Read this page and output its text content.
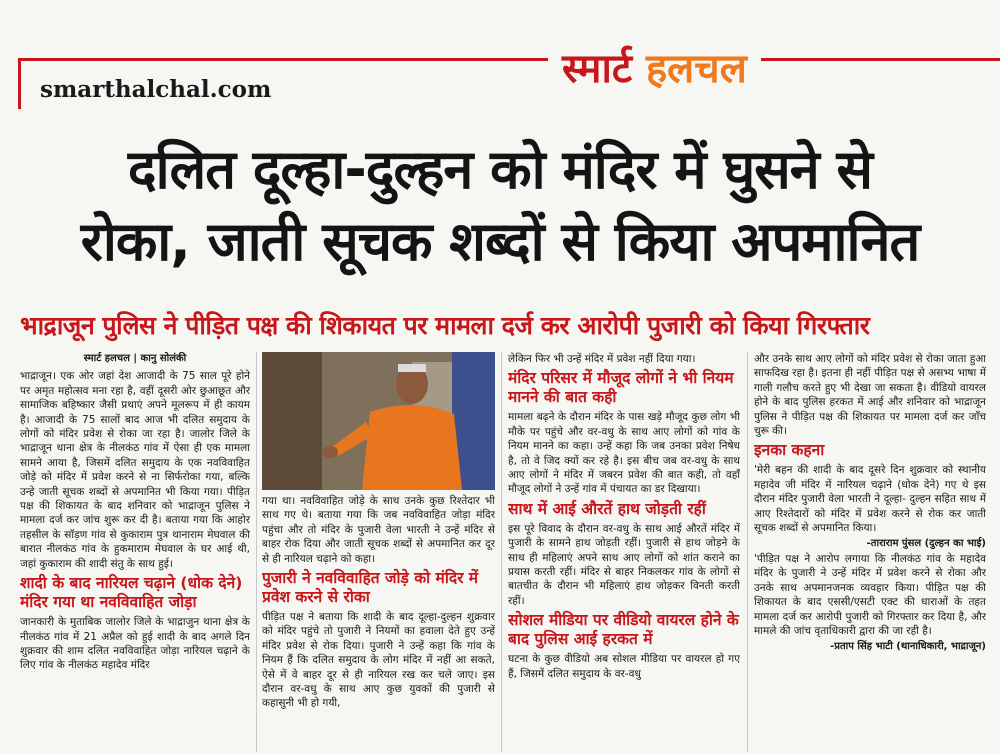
smarthalchal.com	स्मार्ट हलचल
दलित दूल्हा-दुल्हन को मंदिर में घुसने से
रोका, जाती सूचक शब्दों से किया अपमानित
भाद्राजून पुलिस ने पीड़ित पक्ष की शिकायत पर मामला दर्ज कर आरोपी पुजारी को किया गिरफ्तार
स्मार्ट हलचल | कानु सोलंकी

भाद्राजून। एक ओर जहां देश आजादी के 75 साल पूरे होने पर अमृत महोत्सव मना रहा है, वहीं दूसरी ओर छुआछूत और सामाजिक बहिष्कार जैसी प्रथाएं अपने मूलरूप में ही कायम है। आजादी के 75 सालों बाद आज भी दलित समुदाय के लोगों को मंदिर प्रवेश से रोका जा रहा है। जालोर जिले के भाद्राजून थाना क्षेत्र के नीलकंठ गांव में ऐसा ही एक मामला सामने आया है, जिसमें दलित समुदाय के एक नवविवाहित जोड़े को मंदिर में प्रवेश करने से ना सिर्फरोका गया, बल्कि उन्हे जाती सूचक शब्दों से अपमानित भी किया गया। पीड़ित पक्ष की शिकायत के बाद शनिवार को भाद्राजून पुलिस ने मामला दर्ज कर जांच शुरू कर दी है। बताया गया कि आहोर तहसील के सॉड़ण गांव से कुकाराम पुत्र थानाराम मेघवाल की बारात नीलकंठ गांव के हुकमाराम मेघवाल के घर आई थी, जहां कुकाराम की शादी संतु के साथ हुई।

शादी के बाद नारियल चढ़ाने (धोक देने) मंदिर गया था नवविवाहित जोड़ा

जानकारी के मुताबिक जालोर जिले के भाद्राजुन थाना क्षेत्र के नीलकंठ गांव में 21 अप्रैल को हुई शादी के बाद अगले दिन शुक्रवार की शाम दलित नवविवाहित जोड़ा नारियल चढ़ाने के लिए गांव के नीलकंठ महादेव मंदिर

गया था। नवविवाहित जोड़े के साथ उनके कुछ रिश्तेदार भी साथ गए थे। बताया गया कि जब नवविवाहित जोड़ा मंदिर पहुंचा और तो मंदिर के पुजारी वेला भारती ने उन्हें मंदिर से बाहर रोक दिया और जाती सूचक शब्दों से अपमानित कर दूर से ही नारियल चढ़ाने को कहा।

पुजारी ने नवविवाहित जोड़े को मंदिर में प्रवेश करने से रोका

पीड़ित पक्ष ने बताया कि शादी के बाद दूल्हा-दुल्हन शुक्रवार को मंदिर पहुंचे तो पुजारी ने नियमों का हवाला देते हुए उन्हें मंदिर प्रवेश से रोक दिया। पुजारी ने उन्हें कहा कि गांव के नियम हैं कि दलित समुदाय के लोग मंदिर में नहीं आ सकते, ऐसे में वे बाहर दूर से ही नारियल रख कर चले जाए। इस दौरान वर-वधु के साथ आए कुछ युवकों की पुजारी से कहासुनी भी हो गयी,

लेकिन फिर भी उन्हें मंदिर में प्रवेश नहीं दिया गया।

मंदिर परिसर में मौजूद लोगों ने भी नियम मानने की बात कही

मामला बढ़ने के दौरान मंदिर के पास खड़े मौजूद कुछ लोग भी मौके पर पहुंचे और वर-वधु के साथ आए लोगों को गांव के नियम मानने का कहा। उन्हें कहा कि जब उनका प्रवेश निषेध है, तो वे जिद क्यों कर रहे है। इस बीच जब वर-वधु के साथ आए लोगों ने मंदिर में जबरन प्रवेश की बात कही, तो वहाँ मौजूद लोगों ने उन्हें गांव में पंचायत का डर दिखाया।

साथ में आई औरतें हाथ जोड़ती रहीं

इस पूरे विवाद के दौरान वर-वधु के साथ आई औरतें मंदिर में पुजारी के सामने हाथ जोड़ती रहीं। पुजारी से हाथ जोड़ने के साथ ही महिलाएं अपने साथ आए लोगों को शांत कराने का प्रयास करती रहीं। मंदिर से बाहर निकलकर गांव के लोगों से बातचीत के दौरान भी महिलाएं हाथ जोड़कर विनती करती रहीं।

सोशल मीडिया पर वीडियो वायरल होने के बाद पुलिस आई हरकत में

घटना के कुछ वीडियो अब सोशल मीडिया पर वायरल हो गए हैं, जिसमें दलित समुदाय के वर-वधु

और उनके साथ आए लोगों को मंदिर प्रवेश से रोका जाता हुआ साफदिख रहा है। इतना ही नहीं पीड़ित पक्ष से असभ्य भाषा में गाली गलौच करते हुए भी देखा जा सकता है। वीडियो वायरल होने के बाद पुलिस हरकत में आई और शनिवार को भाद्राजून पुलिस ने पीड़ित पक्ष की शिकायत पर मामला दर्ज कर जाँच चुरू की।

इनका कहना

'मेरी बहन की शादी के बाद दूसरे दिन शुक्रवार को स्थानीय महादेव जी मंदिर में नारियल चढ़ाने (धोक देने) गए थे इस दौरान मंदिर पुजारी वेला भारती ने दूल्हा- दुल्हन सहित साथ में आए रिश्तेदारों को मंदिर में प्रवेश करने से रोक कर जाती सूचक शब्दों से अपमानित किया।

-ताराराम पुंसल (दुल्हन का भाई)

'पीड़ित पक्ष ने आरोप लगाया कि नीलकंठ गांव के महादेव मंदिर के पुजारी ने उन्हें मंदिर में प्रवेश करने से रोका और उनके साथ अपमानजनक व्यवहार किया। पीड़ित पक्ष की शिकायत के बाद एससी/एसटी एक्ट की धाराओं के तहत मामला दर्ज कर आरोपी पुजारी को गिरफ्तार कर दिया है, और मामले की जांच वृताधिकारी द्वारा की जा रही है।

-प्रताप सिंह भाटी (थानाधिकारी, भाद्राजून)
